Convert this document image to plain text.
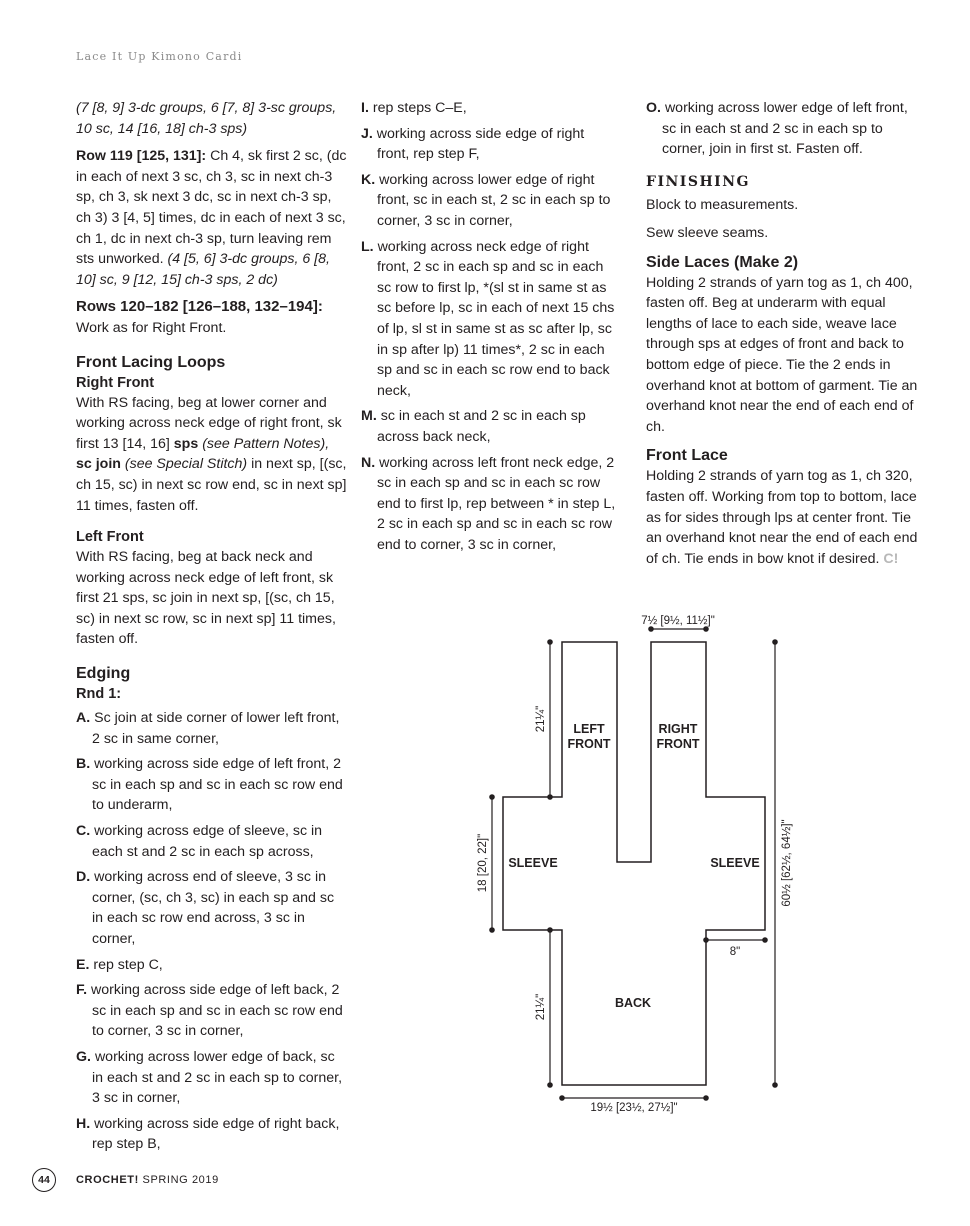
Lace It Up Kimono Cardi

(7 [8, 9] 3-dc groups, 6 [7, 8] 3-sc groups, 10 sc, 14 [16, 18] ch-3 sps)

Row 119 [125, 131]: Ch 4, sk first 2 sc, (dc in each of next 3 sc, ch 3, sc in next ch-3 sp, ch 3, sk next 3 dc, sc in next ch-3 sp, ch 3) 3 [4, 5] times, dc in each of next 3 sc, ch 1, dc in next ch-3 sp, turn leaving rem sts unworked. (4 [5, 6] 3-dc groups, 6 [8, 10] sc, 9 [12, 15] ch-3 sps, 2 dc)

Rows 120–182 [126–188, 132–194]:
Work as for Right Front.

Front Lacing Loops
Right Front

With RS facing, beg at lower corner and working across neck edge of right front, sk first 13 [14, 16] sps (see Pattern Notes), sc join (see Special Stitch) in next sp, [(sc, ch 15, sc) in next sc row end, sc in next sp] 11 times, fasten off.

Left Front

With RS facing, beg at back neck and working across neck edge of left front, sk first 21 sps, sc join in next sp, [(sc, ch 15, sc) in next sc row, sc in next sp] 11 times, fasten off.

Edging
Rnd 1:
A. Sc join at side corner of lower left front, 2 sc in same corner,
B. working across side edge of left front, 2 sc in each sp and sc in each sc row end to underarm,
C. working across edge of sleeve, sc in each st and 2 sc in each sp across,
D. working across end of sleeve, 3 sc in corner, (sc, ch 3, sc) in each sp and sc in each sc row end across, 3 sc in corner,
E. rep step C,
F. working across side edge of left back, 2 sc in each sp and sc in each sc row end to corner, 3 sc in corner,
G. working across lower edge of back, sc in each st and 2 sc in each sp to corner, 3 sc in corner,
H. working across side edge of right back, rep step B,
I. rep steps C–E,
J. working across side edge of right front, rep step F,
K. working across lower edge of right front, sc in each st, 2 sc in each sp to corner, 3 sc in corner,
L. working across neck edge of right front, 2 sc in each sp and sc in each sc row to first lp, *(sl st in same st as sc before lp, sc in each of next 15 chs of lp, sl st in same st as sc after lp, sc in sp after lp) 11 times*, 2 sc in each sp and sc in each sc row end to back neck,
M. sc in each st and 2 sc in each sp across back neck,
N. working across left front neck edge, 2 sc in each sp and sc in each sc row end to first lp, rep between * in step L, 2 sc in each sp and sc in each sc row end to corner, 3 sc in corner,
O. working across lower edge of left front, sc in each st and 2 sc in each sp to corner, join in first st. Fasten off.
FINISHING

Block to measurements.

Sew sleeve seams.

Side Laces (Make 2)

Holding 2 strands of yarn tog as 1, ch 400, fasten off. Beg at underarm with equal lengths of lace to each side, weave lace through sps at edges of front and back to bottom edge of piece. Tie the 2 ends in overhand knot at bottom of garment. Tie an overhand knot near the end of each end of ch.

Front Lace

Holding 2 strands of yarn tog as 1, ch 320, fasten off. Working from top to bottom, lace as for sides through lps at center front. Tie an overhand knot near the end of each end of ch. Tie ends in bow knot if desired. C!

LEFT
FRONT
RIGHT
FRONT
SLEEVE	SLEEVE
BACK
7½ [9½, 11½]"
21¼"
18 [20, 22]"
21¼"
60½ [62½, 64½]"
8"
19½ [23½, 27½]"
44	CROCHET! SPRING 2019
